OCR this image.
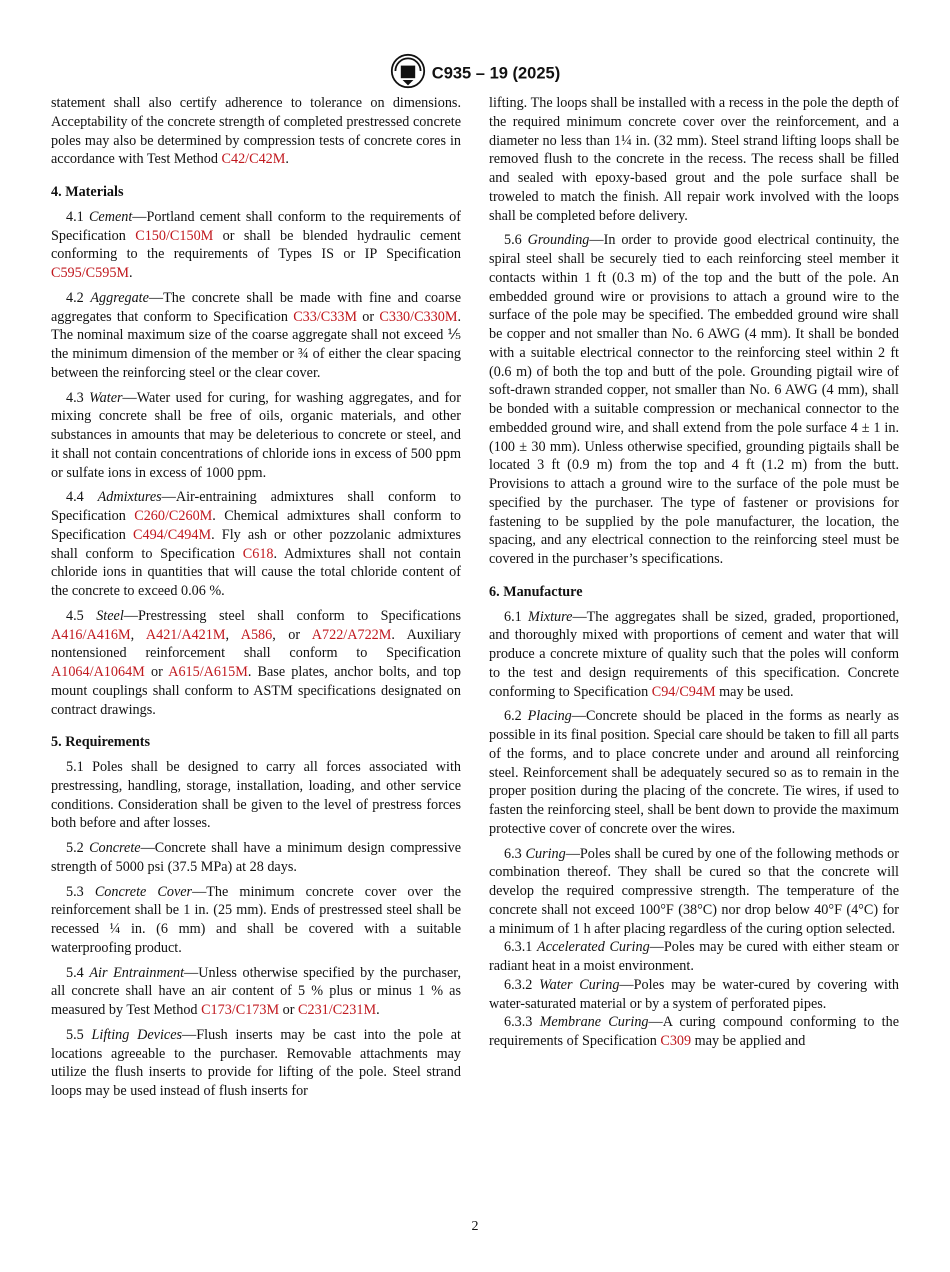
C935 – 19 (2025)

statement shall also certify adherence to tolerance on dimensions. Acceptability of the concrete strength of completed prestressed concrete poles may also be determined by compression tests of concrete cores in accordance with Test Method C42/C42M.

4. Materials

4.1 Cement—Portland cement shall conform to the requirements of Specification C150/C150M or shall be blended hydraulic cement conforming to the requirements of Types IS or IP Specification C595/C595M.

4.2 Aggregate—The concrete shall be made with fine and coarse aggregates that conform to Specification C33/C33M or C330/C330M. The nominal maximum size of the coarse aggregate shall not exceed ⅕ the minimum dimension of the member or ¾ of either the clear spacing between the reinforcing steel or the clear cover.

4.3 Water—Water used for curing, for washing aggregates, and for mixing concrete shall be free of oils, organic materials, and other substances in amounts that may be deleterious to concrete or steel, and it shall not contain concentrations of chloride ions in excess of 500 ppm or sulfate ions in excess of 1000 ppm.

4.4 Admixtures—Air-entraining admixtures shall conform to Specification C260/C260M. Chemical admixtures shall conform to Specification C494/C494M. Fly ash or other pozzolanic admixtures shall conform to Specification C618. Admixtures shall not contain chloride ions in quantities that will cause the total chloride content of the concrete to exceed 0.06 %.

4.5 Steel—Prestressing steel shall conform to Specifications A416/A416M, A421/A421M, A586, or A722/A722M. Auxiliary nontensioned reinforcement shall conform to Specification A1064/A1064M or A615/A615M. Base plates, anchor bolts, and top mount couplings shall conform to ASTM specifications designated on contract drawings.

5. Requirements

5.1 Poles shall be designed to carry all forces associated with prestressing, handling, storage, installation, loading, and other service conditions. Consideration shall be given to the level of prestress forces both before and after losses.

5.2 Concrete—Concrete shall have a minimum design compressive strength of 5000 psi (37.5 MPa) at 28 days.

5.3 Concrete Cover—The minimum concrete cover over the reinforcement shall be 1 in. (25 mm). Ends of prestressed steel shall be recessed ¼ in. (6 mm) and shall be covered with a suitable waterproofing product.

5.4 Air Entrainment—Unless otherwise specified by the purchaser, all concrete shall have an air content of 5 % plus or minus 1 % as measured by Test Method C173/C173M or C231/C231M.

5.5 Lifting Devices—Flush inserts may be cast into the pole at locations agreeable to the purchaser. Removable attachments may utilize the flush inserts to provide for lifting of the pole. Steel strand loops may be used instead of flush inserts for

lifting. The loops shall be installed with a recess in the pole the depth of the required minimum concrete cover over the reinforcement, and a diameter no less than 1¼ in. (32 mm). Steel strand lifting loops shall be removed flush to the concrete in the recess. The recess shall be filled and sealed with epoxy-based grout and the pole surface shall be troweled to match the finish. All repair work involved with the loops shall be completed before delivery.

5.6 Grounding—In order to provide good electrical continuity, the spiral steel shall be securely tied to each reinforcing steel member it contacts within 1 ft (0.3 m) of the top and the butt of the pole. An embedded ground wire or provisions to attach a ground wire to the surface of the pole may be specified. The embedded ground wire shall be copper and not smaller than No. 6 AWG (4 mm). It shall be bonded with a suitable electrical connector to the reinforcing steel within 2 ft (0.6 m) of both the top and butt of the pole. Grounding pigtail wire of soft-drawn stranded copper, not smaller than No. 6 AWG (4 mm), shall be bonded with a suitable compression or mechanical connector to the embedded ground wire, and shall extend from the pole surface 4 ± 1 in. (100 ± 30 mm). Unless otherwise specified, grounding pigtails shall be located 3 ft (0.9 m) from the top and 4 ft (1.2 m) from the butt. Provisions to attach a ground wire to the surface of the pole must be specified by the purchaser. The type of fastener or provisions for fastening to be supplied by the pole manufacturer, the location, the spacing, and any electrical connection to the reinforcing steel must be covered in the purchaser’s specifications.

6. Manufacture

6.1 Mixture—The aggregates shall be sized, graded, proportioned, and thoroughly mixed with proportions of cement and water that will produce a concrete mixture of quality such that the poles will conform to the test and design requirements of this specification. Concrete conforming to Specification C94/C94M may be used.

6.2 Placing—Concrete should be placed in the forms as nearly as possible in its final position. Special care should be taken to fill all parts of the forms, and to place concrete under and around all reinforcing steel. Reinforcement shall be adequately secured so as to remain in the proper position during the placing of the concrete. Tie wires, if used to fasten the reinforcing steel, shall be bent down to provide the maximum protective cover of concrete over the wires.

6.3 Curing—Poles shall be cured by one of the following methods or combination thereof. They shall be cured so that the concrete will develop the required compressive strength. The temperature of the concrete shall not exceed 100°F (38°C) nor drop below 40°F (4°C) for a minimum of 1 h after placing regardless of the curing option selected.

6.3.1 Accelerated Curing—Poles may be cured with either steam or radiant heat in a moist environment.

6.3.2 Water Curing—Poles may be water-cured by covering with water-saturated material or by a system of perforated pipes.

6.3.3 Membrane Curing—A curing compound conforming to the requirements of Specification C309 may be applied and

2
